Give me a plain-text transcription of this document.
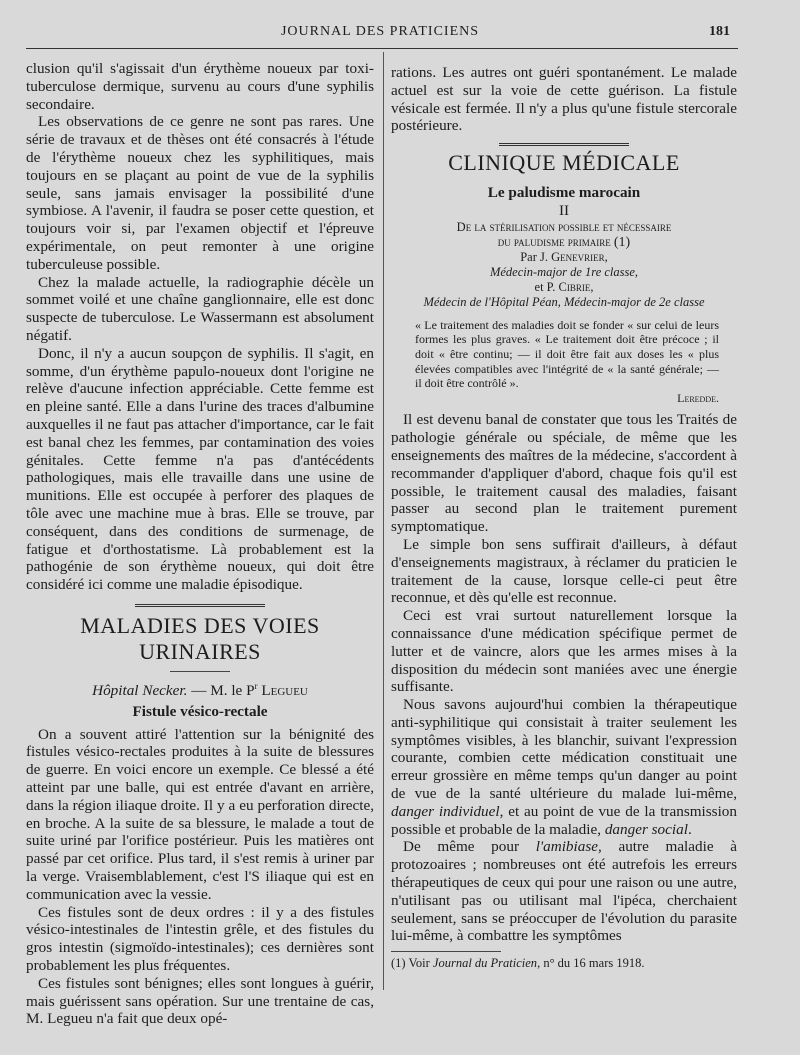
JOURNAL DES PRATICIENS	181

clusion qu'il s'agissait d'un érythème noueux par toxi-tuberculose dermique, survenu au cours d'une syphilis secondaire.

Les observations de ce genre ne sont pas rares. Une série de travaux et de thèses ont été consacrés à l'étude de l'érythème noueux chez les syphilitiques, mais toujours en se plaçant au point de vue de la syphilis seule, sans jamais envisager la possibilité d'une symbiose. A l'avenir, il faudra se poser cette question, et toujours voir si, par l'examen objectif et l'épreuve expérimentale, on peut remonter à une origine tuberculeuse possible.

Chez la malade actuelle, la radiographie décèle un sommet voilé et une chaîne ganglionnaire, elle est donc suspecte de tuberculose. Le Wassermann est absolument négatif.

Donc, il n'y a aucun soupçon de syphilis. Il s'agit, en somme, d'un érythème papulo-noueux dont l'origine ne relève d'aucune infection appréciable. Cette femme est en pleine santé. Elle a dans l'urine des traces d'albumine auxquelles il ne faut pas attacher d'importance, car le fait est banal chez les femmes, par contamination des voies génitales. Cette femme n'a pas d'antécédents pathologiques, mais elle travaille dans une usine de munitions. Elle est occupée à perforer des plaques de tôle avec une machine mue à bras. Elle se trouve, par conséquent, dans des conditions de surmenage, de fatigue et d'orthostatisme. Là probablement est la pathogénie de son érythème noueux, qui doit être considéré ici comme une maladie épisodique.

MALADIES DES VOIES URINAIRES

Hôpital Necker. — M. le $P^r$ Legueu

Fistule vésico-rectale

On a souvent attiré l'attention sur la bénignité des fistules vésico-rectales produites à la suite de blessures de guerre. En voici encore un exemple. Ce blessé a été atteint par une balle, qui est entrée d'avant en arrière, dans la région iliaque droite. Il y a eu perforation directe, en broche. A la suite de sa blessure, le malade a tout de suite uriné par l'orifice postérieur. Puis les matières ont passé par cet orifice. Plus tard, il s'est remis à uriner par la verge. Vraisemblablement, c'est l'S iliaque qui est en communication avec la vessie.

Ces fistules sont de deux ordres : il y a des fistules vésico-intestinales de l'intestin grêle, et des fistules du gros intestin (sigmoïdo-intestinales); ces dernières sont probablement les plus fréquentes.

Ces fistules sont bénignes; elles sont longues à guérir, mais guérissent sans opération. Sur une trentaine de cas, M. Legueu n'a fait que deux opé-

rations. Les autres ont guéri spontanément. Le malade actuel est sur la voie de cette guérison. La fistule vésicale est fermée. Il n'y a plus qu'une fistule stercorale postérieure.

CLINIQUE MÉDICALE

Le paludisme marocain

II

De la stérilisation possible et nécessaire
du paludisme primaire (1)

Par J. Genevrier,

Médecin-major de 1re classe,

et P. Cibrie,

Médecin de l'Hôpital Péan, Médecin-major de 2e classe

« Le traitement des maladies doit se fonder « sur celui de leurs formes les plus graves. « Le traitement doit être précoce ; il doit « être continu; — il doit être fait aux doses les « plus élevées compatibles avec l'intégrité de « la santé générale; — il doit être contrôlé ».

Leredde.

Il est devenu banal de constater que tous les Traités de pathologie générale ou spéciale, de même que les enseignements des maîtres de la médecine, s'accordent à recommander d'appliquer d'abord, chaque fois qu'il est possible, le traitement causal des maladies, faisant passer au second plan le traitement purement symptomatique.

Le simple bon sens suffirait d'ailleurs, à défaut d'enseignements magistraux, à réclamer du praticien le traitement de la cause, lorsque celle-ci peut être reconnue, et dès qu'elle est reconnue.

Ceci est vrai surtout naturellement lorsque la connaissance d'une médication spécifique permet de lutter et de vaincre, alors que les armes mises à la disposition du médecin sont maniées avec une énergie suffisante.

Nous savons aujourd'hui combien la thérapeutique anti-syphilitique qui consistait à traiter seulement les symptômes visibles, à les blanchir, suivant l'expression courante, combien cette médication constituait une erreur grossière en même temps qu'un danger au point de vue de la santé ultérieure du malade lui-même, danger individuel, et au point de vue de la transmission possible et probable de la maladie, danger social.

De même pour l'amibiase, autre maladie à protozoaires ; nombreuses ont été autrefois les erreurs thérapeutiques de ceux qui pour une raison ou une autre, n'utilisant pas ou utilisant mal l'ipéca, cherchaient seulement, sans se préoccuper de l'évolution du parasite lui-même, à combattre les symptômes

(1) Voir Journal du Praticien, n° du 16 mars 1918.
